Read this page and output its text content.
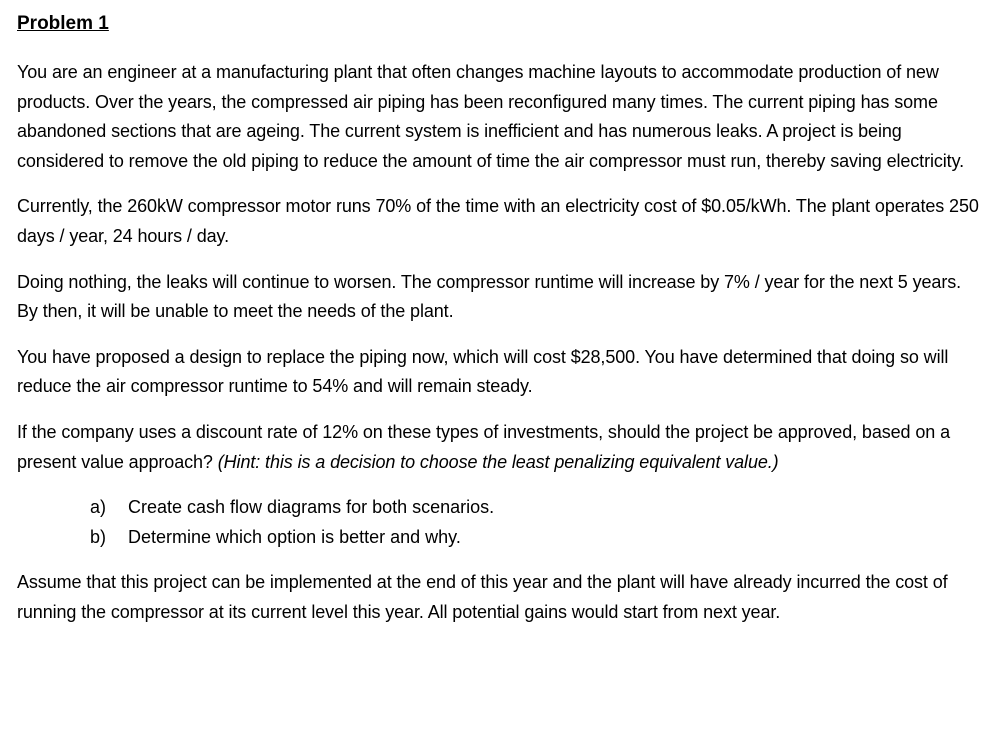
Problem 1

You are an engineer at a manufacturing plant that often changes machine layouts to accommodate production of new products. Over the years, the compressed air piping has been reconfigured many times. The current piping has some abandoned sections that are ageing. The current system is inefficient and has numerous leaks. A project is being considered to remove the old piping to reduce the amount of time the air compressor must run, thereby saving electricity.

Currently, the 260kW compressor motor runs 70% of the time with an electricity cost of $0.05/kWh. The plant operates 250 days / year, 24 hours / day.

Doing nothing, the leaks will continue to worsen. The compressor runtime will increase by 7% / year for the next 5 years. By then, it will be unable to meet the needs of the plant.

You have proposed a design to replace the piping now, which will cost $28,500. You have determined that doing so will reduce the air compressor runtime to 54% and will remain steady.

If the company uses a discount rate of 12% on these types of investments, should the project be approved, based on a present value approach? (Hint: this is a decision to choose the least penalizing equivalent value.)

a) Create cash flow diagrams for both scenarios.
b) Determine which option is better and why.

Assume that this project can be implemented at the end of this year and the plant will have already incurred the cost of running the compressor at its current level this year. All potential gains would start from next year.
